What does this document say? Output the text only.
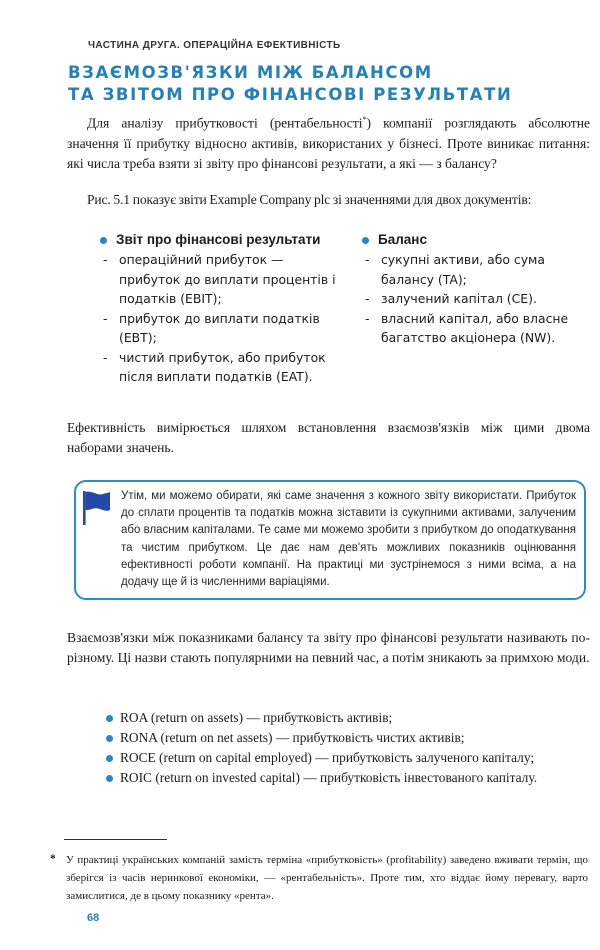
ЧАСТИНА ДРУГА. ОПЕРАЦІЙНА ЕФЕКТИВНІСТЬ
ВЗАЄМОЗВ'ЯЗКИ МІЖ БАЛАНСОМ
ТА ЗВІТОМ ПРО ФІНАНСОВІ РЕЗУЛЬТАТИ

Для аналізу прибутковості (рентабельності*) компанії розглядають абсолютне значення її прибутку відносно активів, використаних у бізнесі. Проте виникає питання: які числа треба взяти зі звіту про фінансові результати, а які — з балансу?

Рис. 5.1 показує звіти Example Company plc зі значеннями для двох документів:

Звіт про фінансові результати
- операційний прибуток — прибуток до виплати процентів і податків (EBIT);
- прибуток до виплати податків (EBT);
- чистий прибуток, або прибуток після виплати податків (EAT).
Баланс
- сукупні активи, або сума балансу (TA);
- залучений капітал (CE).
- власний капітал, або власне багатство акціонера (NW).

Ефективність вимірюється шляхом встановлення взаємозв'язків між цими двома наборами значень.

Утім, ми можемо обирати, які саме значення з кожного звіту використати. Прибуток до сплати процентів та податків можна зіставити із сукупними активами, залученим або власним капіталами. Те саме ми можемо зробити з прибутком до оподаткування та чистим прибутком. Це дає нам дев'ять можливих показників оцінювання ефективності роботи компанії. На практиці ми зустрінемося з ними всіма, а на додачу ще й із численними варіаціями.

Взаємозв'язки між показниками балансу та звіту про фінансові результати називають по-різному. Ці назви стають популярними на певний час, а потім зникають за примхою моди.

ROA (return on assets) — прибутковість активів;
RONA (return on net assets) — прибутковість чистих активів;
ROCE (return on capital employed) — прибутковість залученого капіталу;
ROIC (return on invested capital) — прибутковість інвестованого капіталу.
* У практиці українських компаній замість терміна «прибутковість» (profitability) заведено вживати термін, що зберігся із часів неринкової економіки, — «рентабельність». Проте тим, хто віддає йому перевагу, варто замислитися, де в цьому показнику «рента».
68
